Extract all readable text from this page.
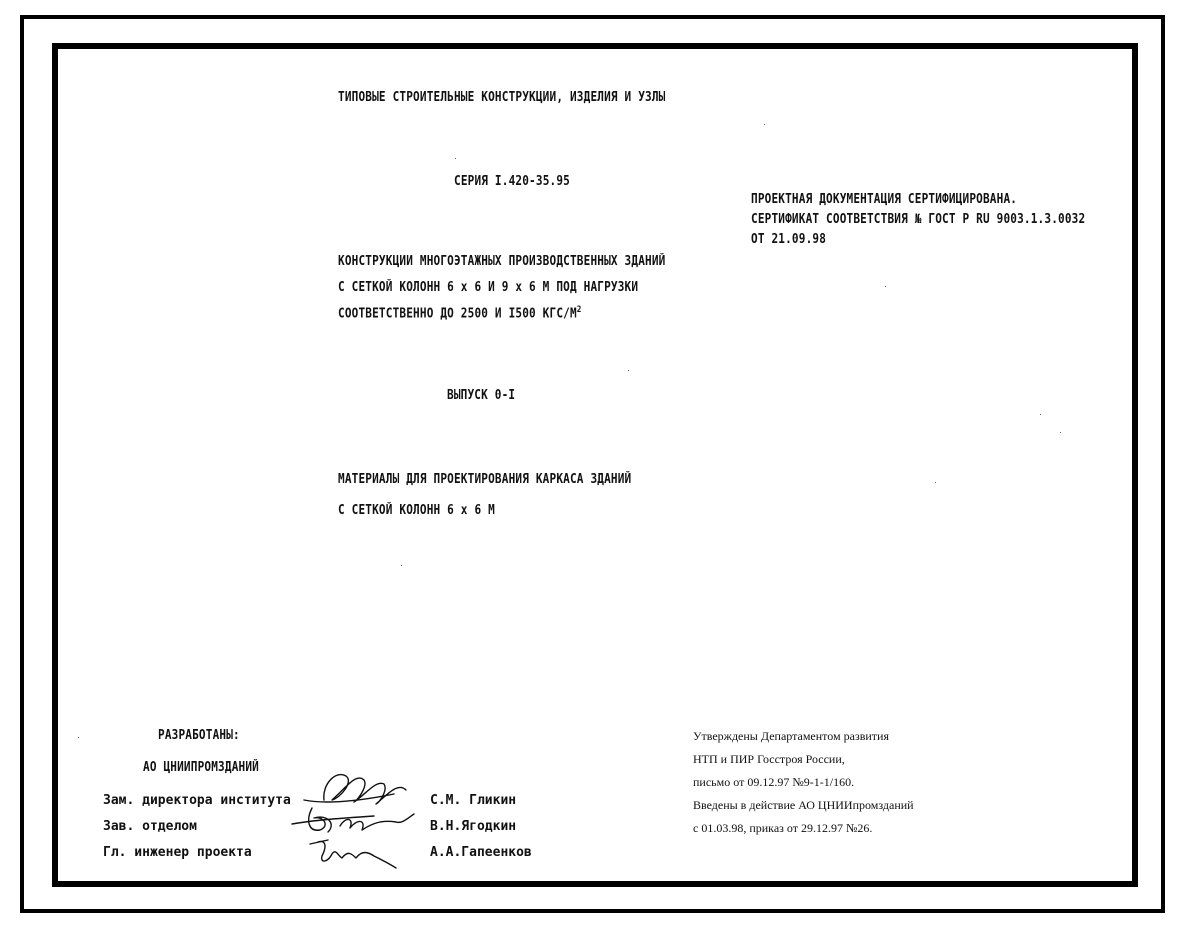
ТИПОВЫЕ СТРОИТЕЛЬНЫЕ КОНСТРУКЦИИ, ИЗДЕЛИЯ И УЗЛЫ
СЕРИЯ I.420-35.95
ПРОЕКТНАЯ ДОКУМЕНТАЦИЯ СЕРТИФИЦИРОВАНА.
СЕРТИФИКАТ СООТВЕТСТВИЯ № ГОСТ Р RU 9003.1.3.0032
ОТ 21.09.98
КОНСТРУКЦИИ МНОГОЭТАЖНЫХ ПРОИЗВОДСТВЕННЫХ ЗДАНИЙ
С СЕТКОЙ КОЛОНН 6 х 6 И 9 х 6 М ПОД НАГРУЗКИ
СООТВЕТСТВЕННО ДО 2500 И I500 КГС/$М^2$
ВЫПУСК 0-I
МАТЕРИАЛЫ ДЛЯ ПРОЕКТИРОВАНИЯ КАРКАСА ЗДАНИЙ
С СЕТКОЙ КОЛОНН 6 х 6 М
РАЗРАБОТАНЫ:
АО ЦНИИПРОМЗДАНИЙ
Зам. директора института
Зав. отделом
Гл. инженер проекта
С.М. Гликин
В.Н.Ягодкин
А.А.Гапеенков
Утверждены Департаментом развития
НТП и ПИР Госстроя России,
письмо от 09.12.97 №9-1-1/160.
Введены в действие АО ЦНИИпромзданий
с 01.03.98, приказ от 29.12.97 №26.
